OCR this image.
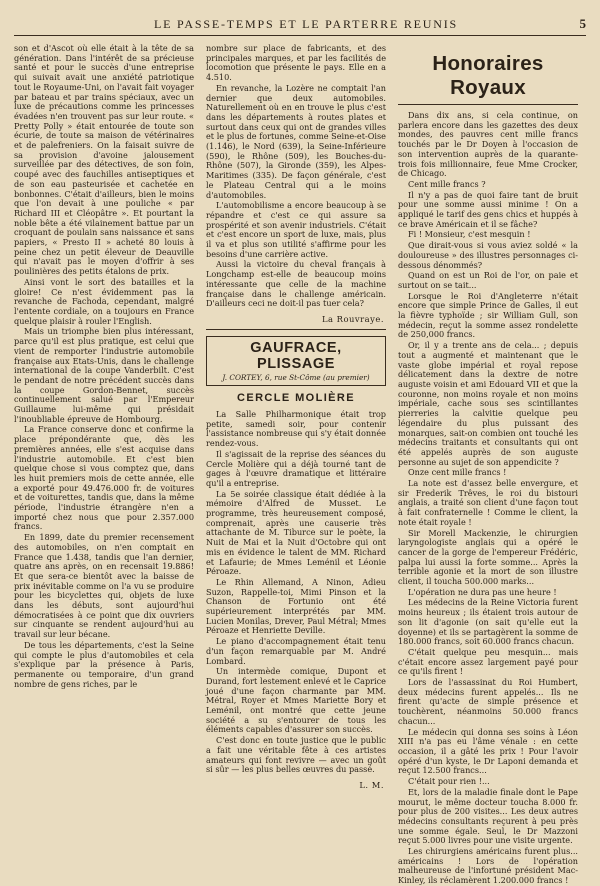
LE PASSE-TEMPS ET LE PARTERRE REUNIS	5

son et d'Ascot où elle était à la tête de sa génération. Dans l'intérêt de sa précieuse santé et pour le succès d'une entreprise qui suivait avait une anxiété patriotique tout le Royaume-Uni, on l'avait fait voyager par bateau et par trains spéciaux, avec un luxe de précautions comme les princesses évadées n'en trouvent pas sur leur route. « Pretty Polly » était entourée de toute son écurie, de toute sa maison de vétérinaires et de palefreniers. On la faisait suivre de sa provision d'avoine jalousement surveillée par des détectives, de son foin, coupé avec des fauchilles antiseptiques et de son eau pasteurisée et cachetée en bonbonnes. C'était d'ailleurs, bien le moins que l'on devait à une pouliche « par Richard III et Cléopâtre ». Et pourtant la noble bête a été vilainement battue par un croquant de poulain sans naissance et sans papiers, « Presto II » acheté 80 louis à peine chez un petit éleveur de Deauville qui n'avait pas le moyen d'offrir à ses poulinières des petits étalons de prix.

Ainsi vont le sort des batailles et la gloire! Ce n'est évidemment pas la revanche de Fachoda, cependant, malgré l'entente cordiale, on a toujours en France quelque plaisir à rouler l'English.

Mais un triomphe bien plus intéressant, parce qu'il est plus pratique, est celui que vient de remporter l'industrie automobile française aux Etats-Unis, dans le challenge international de la coupe Vanderbilt. C'est le pendant de notre précédent succès dans la coupe Gordon-Bennet, succès continuellement salué par l'Empereur Guillaume lui-même qui présidait l'inoubliable épreuve de Hombourg.

La France conserve donc et confirme la place prépondérante que, dès les premières années, elle s'est acquise dans l'industrie automobile. Et c'est bien quelque chose si vous comptez que, dans les huit premiers mois de cette année, elle a exporté pour 49.476.000 fr. de voitures et de voiturettes, tandis que, dans la même période, l'industrie étrangère n'en a importé chez nous que pour 2.357.000 francs.

En 1899, date du premier recensement des automobiles, on n'en comptait en France que 1.438, tandis que l'an dernier, quatre ans après, on en recensait 19.886! Et que sera-ce bientôt avec la baisse de prix inévitable comme on l'a vu se produire pour les bicyclettes qui, objets de luxe dans les débuts, sont aujourd'hui démocratisées à ce point que dix ouvriers sur cinquante se rendent aujourd'hui au travail sur leur bécane.

De tous les départements, c'est la Seine qui compte le plus d'automobiles et cela s'explique par la présence à Paris, permanente ou temporaire, d'un grand nombre de gens riches, par le

nombre sur place de fabricants, et des principales marques, et par les facilités de locomotion que présente le pays. Elle en a 4.510.

En revanche, la Lozère ne comptait l'an dernier que deux automobiles. Naturellement où en en trouve le plus c'est dans les départements à routes plates et surtout dans ceux qui ont de grandes villes et le plus de fortunes, comme Seine-et-Oise (1.146), le Nord (639), la Seine-Inférieure (590), le Rhône (509), les Bouches-du-Rhône (507), la Gironde (359), les Alpes-Maritimes (335). De façon générale, c'est le Plateau Central qui a le moins d'automobiles.

L'automobilisme a encore beaucoup à se répandre et c'est ce qui assure sa prospérité et son avenir industriels. C'était et c'est encore un sport de luxe, mais, plus il va et plus son utilité s'affirme pour les besoins d'une carrière active.

Aussi la victoire du cheval français à Longchamp est-elle de beaucoup moins intéressante que celle de la machine française dans le challenge américain. D'ailleurs ceci ne doit-il pas tuer cela?

La Rouvraye.
GAUFRACE, PLISSAGE
J. CORTEY, 6, rue St-Côme (au premier)
CERCLE MOLIÈRE

La Salle Philharmonique était trop petite, samedi soir, pour contenir l'assistance nombreuse qui s'y était donnée rendez-vous.

Il s'agissait de la reprise des séances du Cercle Molière qui a déjà tourné tant de gages à l'œuvre dramatique et littéraire qu'il a entreprise.

La 5e soirée classique était dédiée à la mémoire d'Alfred de Musset. Le programme, très heureusement composé, comprenait, après une causerie très attachante de M. Tiburce sur le poète, la Nuit de Mai et la Nuit d'Octobre qui ont mis en évidence le talent de MM. Richard et Lafaurie; de Mmes Leménil et Léonie Péroaze.

Le Rhin Allemand, A Ninon, Adieu Suzon, Rappelle-toi, Mimi Pinson et la Chanson de Fortunio ont été supérieurement interprétés par MM. Lucien Monilas, Drever, Paul Métral; Mmes Péroaze et Henriette Deville.

Le piano d'accompagnement était tenu d'un façon remarquable par M. André Lombard.

Un intermède comique, Dupont et Durand, fort lestement enlevé et le Caprice joué d'une façon charmante par MM. Métral, Royer et Mmes Mariette Bory et Leménil, ont montré que cette jeune société a su s'entourer de tous les éléments capables d'assurer son succès.

C'est donc en toute justice que le public a fait une véritable fête à ces artistes amateurs qui font revivre — avec un goût si sûr — les plus belles œuvres du passé.

L. M.
Honoraires Royaux

Dans dix ans, si cela continue, on parlera encore dans les gazettes des deux mondes, des pauvres cent mille francs touchés par le Dr Doyen à l'occasion de son intervention auprès de la quarante-trois fois millionnaire, feue Mme Crocker, de Chicago.

Cent mille francs ?

Il n'y a pas de quoi faire tant de bruit pour une somme aussi minime ! On a appliqué le tarif des gens chics et huppés à ce brave Américain et il se fâche?

Fi ! Monsieur, c'est mesquin !

Que dirait-vous si vous aviez soldé « la douloureuse » des illustres personnages ci-dessous dénommés?

Quand on est un Roi de l'or, on paie et surtout on se tait...

Lorsque le Roi d'Angleterre n'était encore que simple Prince de Galles, il eut la fièvre typhoïde ; sir William Gull, son médecin, reçut la somme assez rondelette de 250,000 francs.

Or, il y a trente ans de cela... ; depuis tout a augmenté et maintenant que le vaste globe impérial et royal repose délicatement dans la dextre de notre auguste voisin et ami Edouard VII et que la couronne, non moins royale et non moins impériale, cache sous ses scintillantes pierreries la calvitie quelque peu légendaire du plus puissant des monarques, sait-on combien ont touché les médecins traitants et consultants qui ont été appelés auprès de son auguste personne au sujet de son appendicite ?

Onze cent mille francs !

La note est d'assez belle envergure, et sir Frederik Trêves, le roi du bistouri anglais, a traité son client d'une façon tout à fait confraternelle ! Comme le client, la note était royale !

Sir Morell Mackenzie, le chirurgien laryngologiste anglais qui a opéré le cancer de la gorge de l'empereur Frédéric, palpa lui aussi la forte somme... Après la terrible agonie et la mort de son illustre client, il toucha 500.000 marks...

L'opération ne dura pas une heure !

Les médecins de la Reine Victoria furent moins heureux ; ils étaient trois autour de son lit d'agonie (on sait qu'elle eut la doyenne) et ils se partagèrent la somme de 180.000 francs, soit 60.000 francs chacun.

C'était quelque peu mesquin... mais c'était encore assez largement payé pour ce qu'ils firent !

Lors de l'assassinat du Roi Humbert, deux médecins furent appelés... Ils ne firent qu'acte de simple présence et touchèrent, néanmoins 50.000 francs chacun...

Le médecin qui donna ses soins à Léon XIII n'a pas eu l'âme vénale : en cette occasion, il a gâté les prix ! Pour l'avoir opéré d'un kyste, le Dr Laponi demanda et reçut 12.500 francs...

C'était pour rien !...

Et, lors de la maladie finale dont le Pape mourut, le même docteur toucha 8.000 fr. pour plus de 200 visites... Les deux autres médecins consultants reçurent à peu près une somme égale. Seul, le Dr Mazzoni reçut 5.000 livres pour une visite urgente.

Les chirurgiens américains furent plus... américains ! Lors de l'opération malheureuse de l'infortuné président Mac-Kinley, ils réclamèrent 1.200.000 francs !
